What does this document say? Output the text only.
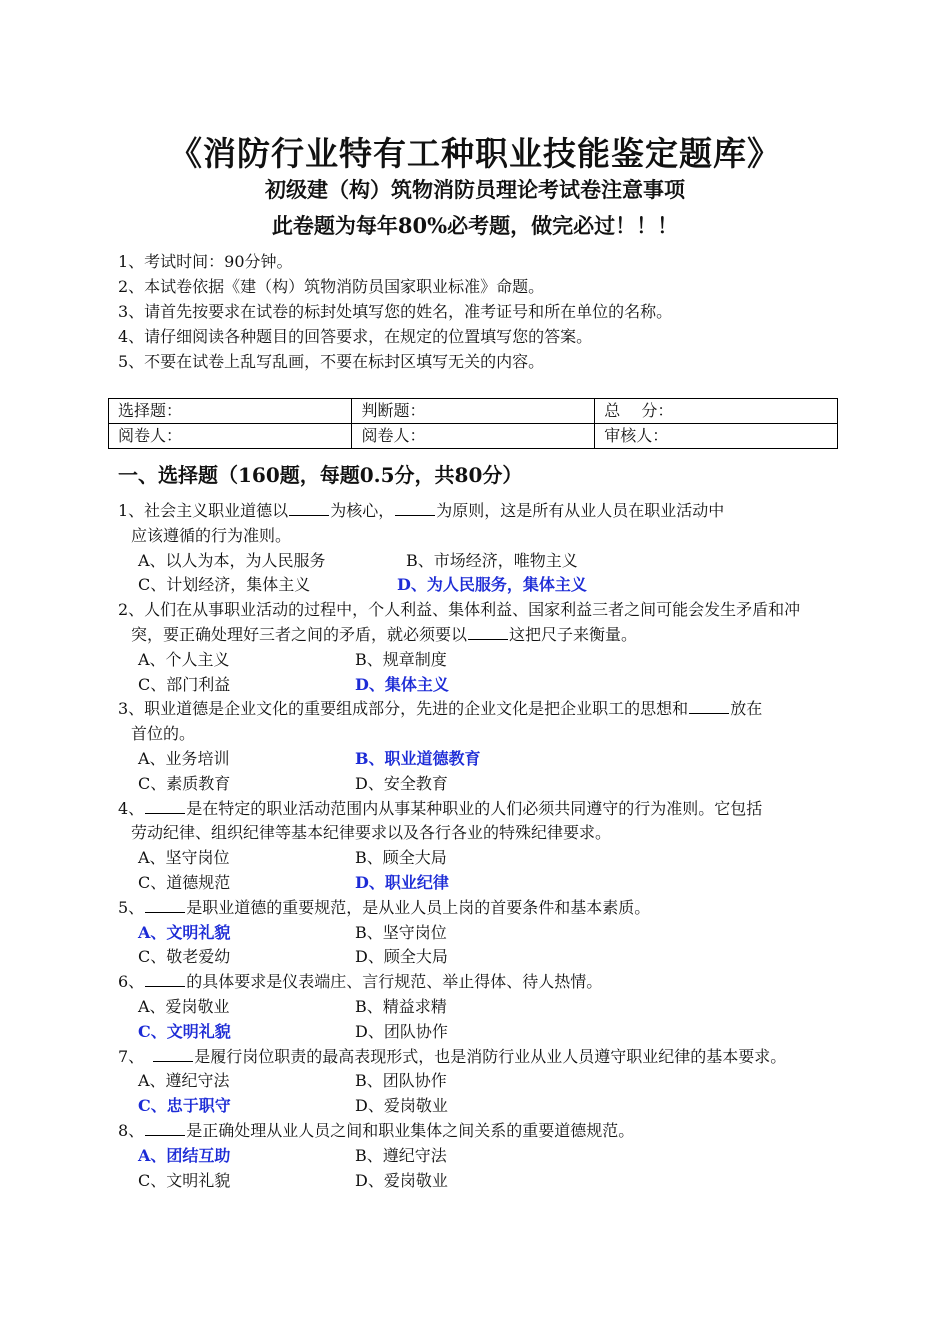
《消防行业特有工种职业技能鉴定题库》
初级建（构）筑物消防员理论考试卷注意事项
此卷题为每年80%必考题，做完必过！！！
1、考试时间：90分钟。
2、本试卷依据《建（构）筑物消防员国家职业标准》命题。
3、请首先按要求在试卷的标封处填写您的姓名，准考证号和所在单位的名称。
4、请仔细阅读各种题目的回答要求，在规定的位置填写您的答案。
5、不要在试卷上乱写乱画，不要在标封区填写无关的内容。
选择题：	判断题：	总　 分：
阅卷人：	阅卷人：	审核人：
一、选择题（160题，每题0.5分，共80分）
1、社会主义职业道德以	为核心，	为原则，这是所有从业人员在职业活动中
应该遵循的行为准则。
A、以人为本，为人民服务	B、市场经济，唯物主义
C、计划经济，集体主义	D、为人民服务，集体主义
2、人们在从事职业活动的过程中，个人利益、集体利益、国家利益三者之间可能会发生矛盾和冲
突，要正确处理好三者之间的矛盾，就必须要以	这把尺子来衡量。
A、个人主义	B、规章制度
C、部门利益	D、集体主义
3、职业道德是企业文化的重要组成部分，先进的企业文化是把企业职工的思想和	放在
首位的。
A、业务培训	B、职业道德教育
C、素质教育	D、安全教育
4、	是在特定的职业活动范围内从事某种职业的人们必须共同遵守的行为准则。它包括
劳动纪律、组织纪律等基本纪律要求以及各行各业的特殊纪律要求。
A、坚守岗位	B、顾全大局
C、道德规范	D、职业纪律
5、	是职业道德的重要规范，是从业人员上岗的首要条件和基本素质。
A、文明礼貌	B、坚守岗位
C、敬老爱幼	D、顾全大局
6、	的具体要求是仪表端庄、言行规范、举止得体、待人热情。
A、爱岗敬业	B、精益求精
C、文明礼貌	D、团队协作
7、　	是履行岗位职责的最高表现形式，也是消防行业从业人员遵守职业纪律的基本要求。
A、遵纪守法	B、团队协作
C、忠于职守	D、爱岗敬业
8、	是正确处理从业人员之间和职业集体之间关系的重要道德规范。
A、团结互助	B、遵纪守法
C、文明礼貌	D、爱岗敬业
